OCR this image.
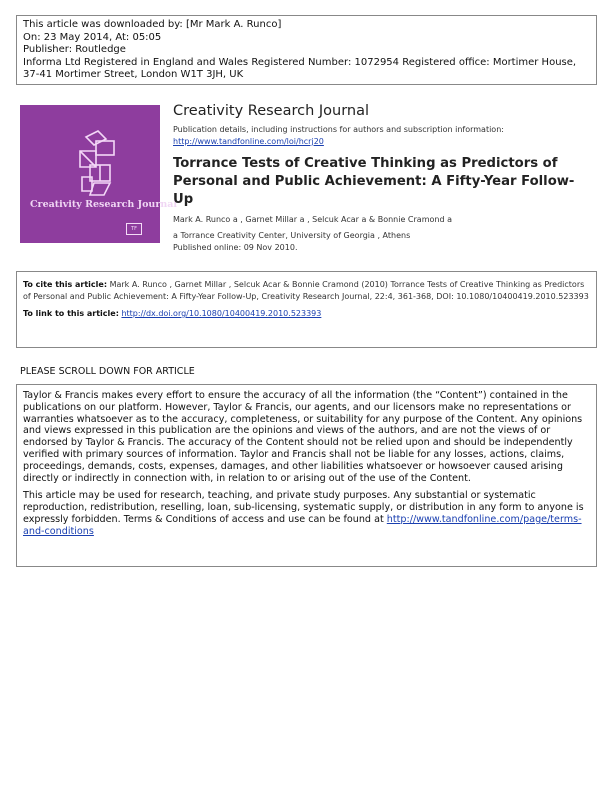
This article was downloaded by: [Mr Mark A. Runco]
On: 23 May 2014, At: 05:05
Publisher: Routledge
Informa Ltd Registered in England and Wales Registered Number: 1072954 Registered office: Mortimer House,
37-41 Mortimer Street, London W1T 3JH, UK
Creativity Research Journal
TF
Creativity Research Journal
Publication details, including instructions for authors and subscription information:
http://www.tandfonline.com/loi/hcrj20
Torrance Tests of Creative Thinking as Predictors of Personal and Public Achievement: A Fifty-Year Follow-Up
Mark A. Runco a , Garnet Millar a , Selcuk Acar a & Bonnie Cramond a
a Torrance Creativity Center, University of Georgia , Athens
Published online: 09 Nov 2010.
To cite this article: Mark A. Runco , Garnet Millar , Selcuk Acar & Bonnie Cramond (2010) Torrance Tests of Creative Thinking as Predictors of Personal and Public Achievement: A Fifty-Year Follow-Up, Creativity Research Journal, 22:4, 361-368, DOI: 10.1080/10400419.2010.523393
To link to this article: http://dx.doi.org/10.1080/10400419.2010.523393
PLEASE SCROLL DOWN FOR ARTICLE

Taylor & Francis makes every effort to ensure the accuracy of all the information (the “Content”) contained in the publications on our platform. However, Taylor & Francis, our agents, and our licensors make no representations or warranties whatsoever as to the accuracy, completeness, or suitability for any purpose of the Content. Any opinions and views expressed in this publication are the opinions and views of the authors, and are not the views of or endorsed by Taylor & Francis. The accuracy of the Content should not be relied upon and should be independently verified with primary sources of information. Taylor and Francis shall not be liable for any losses, actions, claims, proceedings, demands, costs, expenses, damages, and other liabilities whatsoever or howsoever caused arising directly or indirectly in connection with, in relation to or arising out of the use of the Content.

This article may be used for research, teaching, and private study purposes. Any substantial or systematic reproduction, redistribution, reselling, loan, sub-licensing, systematic supply, or distribution in any form to anyone is expressly forbidden. Terms & Conditions of access and use can be found at http://www.tandfonline.com/page/terms-and-conditions
